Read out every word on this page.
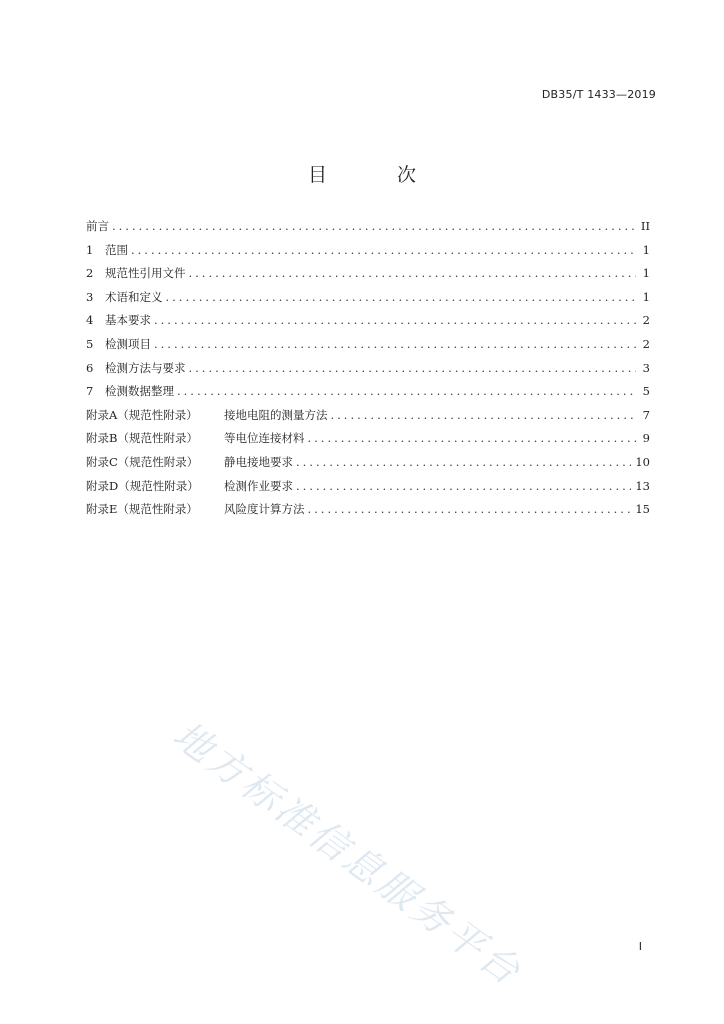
DB35/T 1433—2019
目 次
前言 .....	II
1	范围 .....	1
2	规范性引用文件 .....	1
3	术语和定义 .....	1
4	基本要求 .....	2
5	检测项目 .....	2
6	检测方法与要求 .....	3
7	检测数据整理 .....	5
附录A（规范性附录）	接地电阻的测量方法 .....	7
附录B（规范性附录）	等电位连接材料 .....	9
附录C（规范性附录）	静电接地要求 .....	10
附录D（规范性附录）	检测作业要求 .....	13
附录E（规范性附录）	风险度计算方法 .....	15
地方标准信息服务平台	I
